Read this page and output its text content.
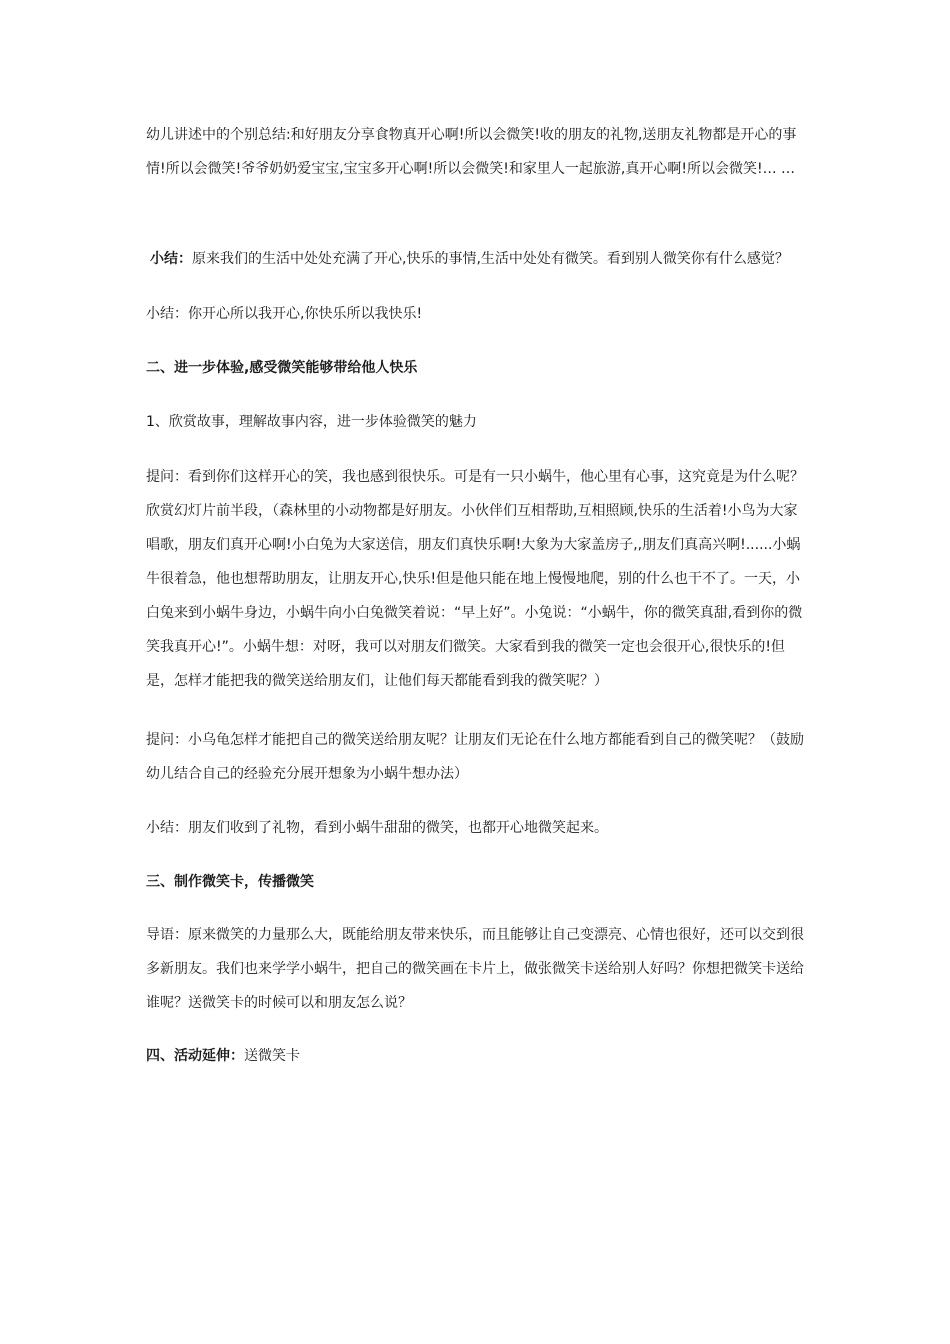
幼儿讲述中的个别总结:和好朋友分享食物真开心啊!所以会微笑!收的朋友的礼物,送朋友礼物都是开心的事情!所以会微笑!爷爷奶奶爱宝宝,宝宝多开心啊!所以会微笑!和家里人一起旅游,真开心啊!所以会微笑!… …

小结：原来我们的生活中处处充满了开心,快乐的事情,生活中处处有微笑。看到别人微笑你有什么感觉？

小结：你开心所以我开心,你快乐所以我快乐!

二、进一步体验,感受微笑能够带给他人快乐

1、欣赏故事，理解故事内容，进一步体验微笑的魅力

提问：看到你们这样开心的笑，我也感到很快乐。可是有一只小蜗牛，他心里有心事，这究竟是为什么呢？欣赏幻灯片前半段，（森林里的小动物都是好朋友。小伙伴们互相帮助,互相照顾,快乐的生活着!小鸟为大家唱歌，朋友们真开心啊!小白兔为大家送信，朋友们真快乐啊!大象为大家盖房子,,朋友们真高兴啊!......小蜗牛很着急，他也想帮助朋友，让朋友开心,快乐!但是他只能在地上慢慢地爬，别的什么也干不了。一天，小白兔来到小蜗牛身边，小蜗牛向小白兔微笑着说：“早上好”。小兔说：“小蜗牛，你的微笑真甜,看到你的微笑我真开心!”。小蜗牛想：对呀，我可以对朋友们微笑。大家看到我的微笑一定也会很开心,很快乐的!但是，怎样才能把我的微笑送给朋友们，让他们每天都能看到我的微笑呢？）

提问：小乌龟怎样才能把自己的微笑送给朋友呢？让朋友们无论在什么地方都能看到自己的微笑呢？（鼓励幼儿结合自己的经验充分展开想象为小蜗牛想办法）

小结：朋友们收到了礼物，看到小蜗牛甜甜的微笑，也都开心地微笑起来。

三、制作微笑卡，传播微笑

导语：原来微笑的力量那么大，既能给朋友带来快乐，而且能够让自己变漂亮、心情也很好，还可以交到很多新朋友。我们也来学学小蜗牛，把自己的微笑画在卡片上，做张微笑卡送给别人好吗？你想把微笑卡送给谁呢？送微笑卡的时候可以和朋友怎么说？

四、活动延伸：送微笑卡
